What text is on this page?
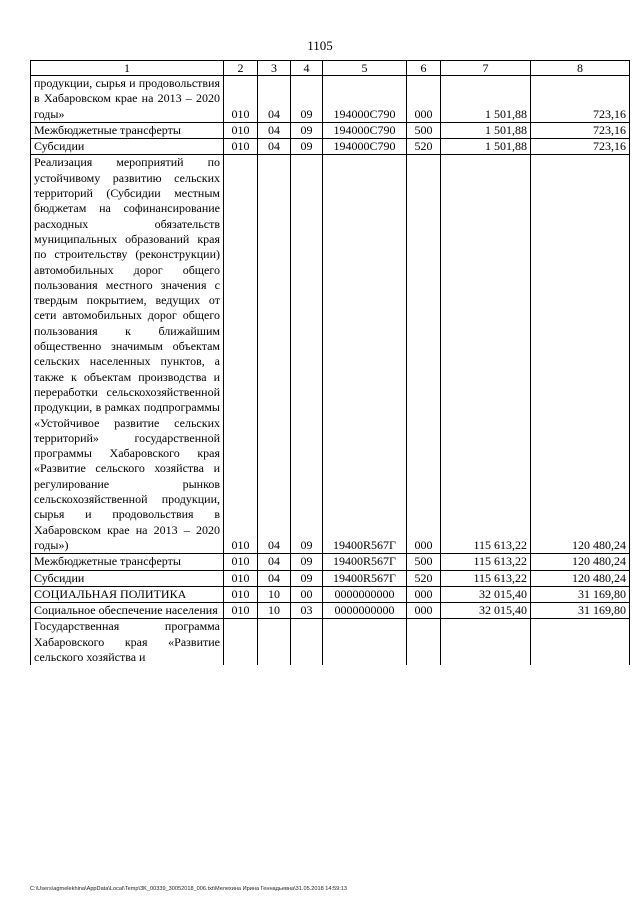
1105
1	2	3	4	5	6	7	8
продукции, сырья и продовольствия в Хабаровском крае на 2013 – 2020 годы»	010	04	09	194000С790	000	1 501,88	723,16
Межбюджетные трансферты	010	04	09	194000С790	500	1 501,88	723,16
Субсидии	010	04	09	194000С790	520	1 501,88	723,16
Реализация мероприятий по устойчивому развитию сельских территорий (Субсидии местным бюджетам на софинансирование расходных обязательств муниципальных образований края по строительству (реконструкции) автомобильных дорог общего пользования местного значения с твердым покрытием, ведущих от сети автомобильных дорог общего пользования к ближайшим общественно значимым объектам сельских населенных пунктов, а также к объектам производства и переработки сельскохозяйственной продукции, в рамках подпрограммы «Устойчивое развитие сельских территорий» государственной программы Хабаровского края «Развитие сельского хозяйства и регулирование рынков сельскохозяйственной продукции, сырья и продовольствия в Хабаровском крае на 2013 – 2020 годы»)	010	04	09	19400R567Г	000	115 613,22	120 480,24
Межбюджетные трансферты	010	04	09	19400R567Г	500	115 613,22	120 480,24
Субсидии	010	04	09	19400R567Г	520	115 613,22	120 480,24
СОЦИАЛЬНАЯ ПОЛИТИКА	010	10	00	0000000000	000	32 015,40	31 169,80
Социальное обеспечение населения	010	10	03	0000000000	000	32 015,40	31 169,80
Государственная программа Хабаровского края «Развитие сельского хозяйства и							
C:\Users\agmelekhina\AppData\Local\Temp\3K_00339_30052018_006.txt\Мелехина Ирина Геннадьевна\31.05.2018 14:59:13
